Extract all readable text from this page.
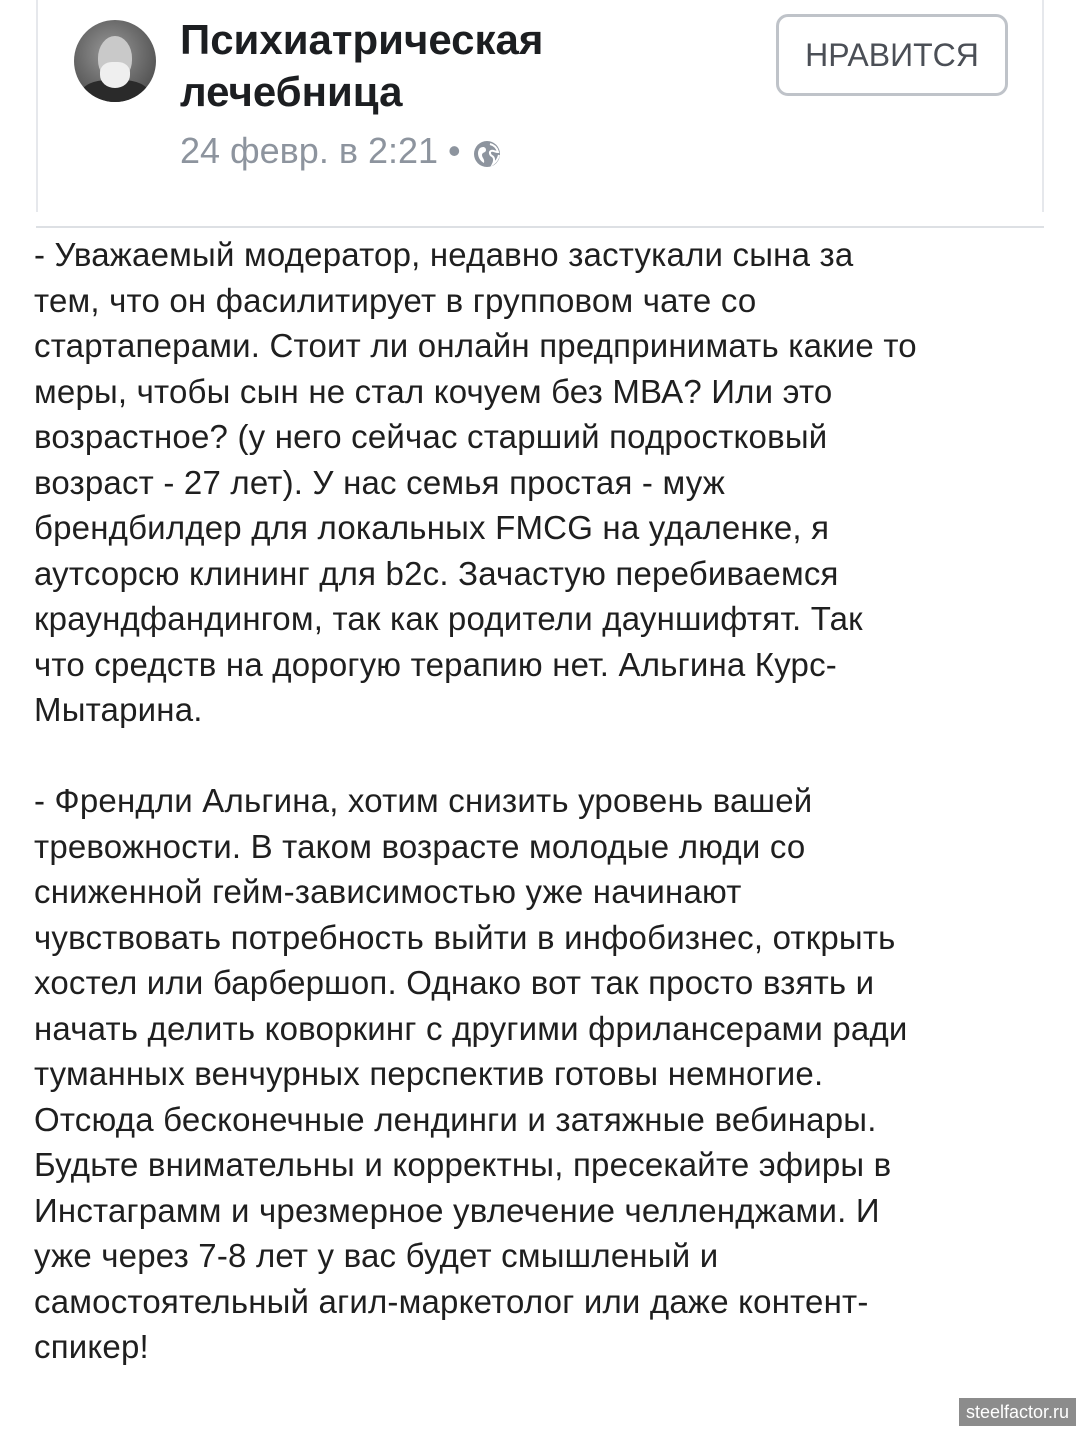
Психиатрическая лечебница
24 февр. в 2:21 •
НРАВИТСЯ

- Уважаемый модератор, недавно застукали сына за
тем, что он фасилитирует в групповом чате со
стартаперами. Стоит ли онлайн предпринимать какие то
меры, чтобы сын не стал кочуем без МВА? Или это
возрастное? (у него сейчас старший подростковый
возраст - 27 лет). У нас семья простая - муж
брендбилдер для локальных FMCG на удаленке, я
аутсорсю клининг для b2c. Зачастую перебиваемся
краундфандингом, так как родители дауншифтят. Так
что средств на дорогую терапию нет. Альгина Курс-
Мытарина.

- Френдли Альгина, хотим снизить уровень вашей
тревожности. В таком возрасте молодые люди со
сниженной гейм-зависимостью уже начинают
чувствовать потребность выйти в инфобизнес, открыть
хостел или барбершоп. Однако вот так просто взять и
начать делить коворкинг с другими фрилансерами ради
туманных венчурных перспектив готовы немногие.
Отсюда бесконечные лендинги и затяжные вебинары.
Будьте внимательны и корректны, пресекайте эфиры в
Инстаграмм и чрезмерное увлечение челленджами. И
уже через 7-8 лет у вас будет смышленый и
самостоятельный агил-маркетолог или даже контент-
спикер!

steelfactor.ru
